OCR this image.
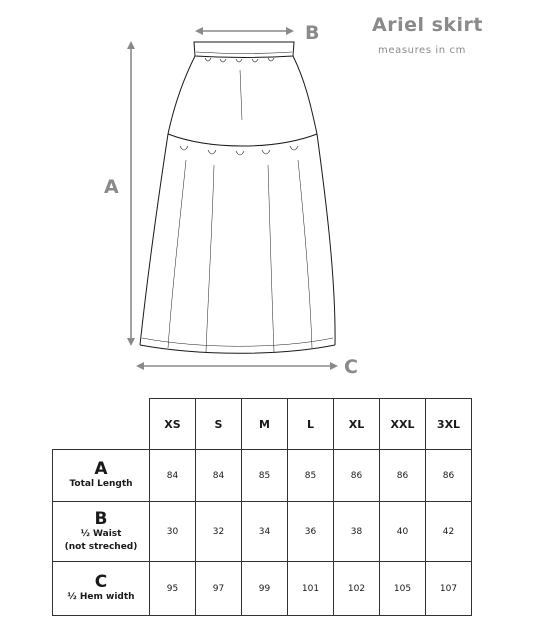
Ariel skirt
measures in cm
A
B
C
	XS	S	M	L	XL	XXL	3XL

A
Total Length	84	84	85	85	86	86	86

B
½ Waist
(not streched)	30	32	34	36	38	40	42

C
½ Hem width	95	97	99	101	102	105	107
